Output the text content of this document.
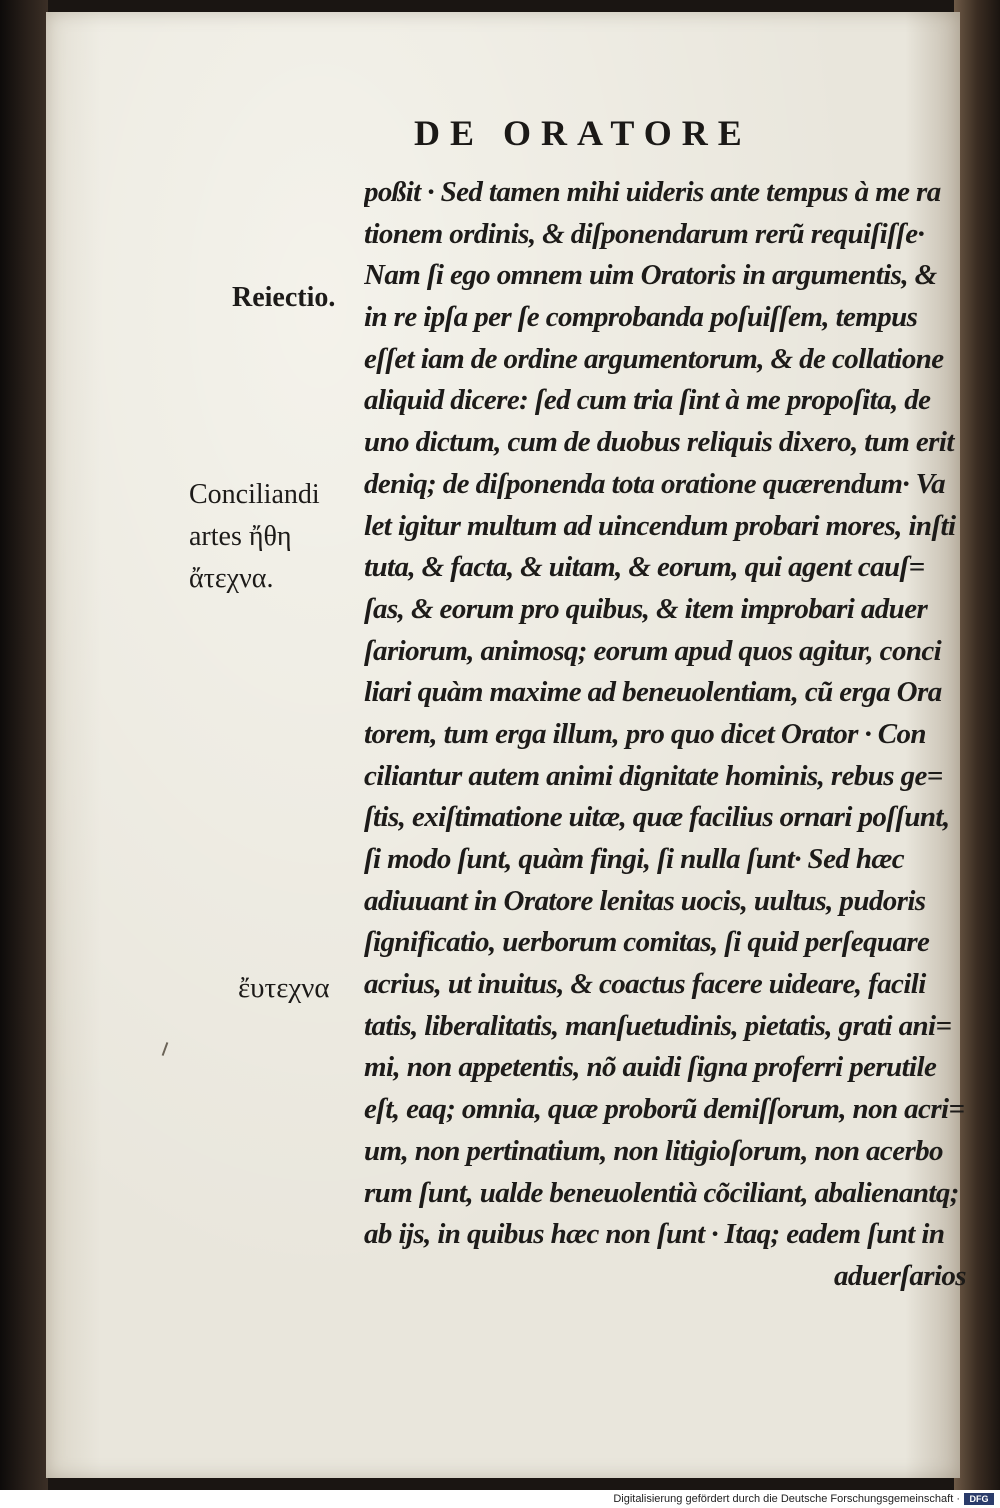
DE ORATORE
Reiectio.
Conciliandi
artes ἤθη
ἄτεχνα.
ἔυτεχνα
poßit · Sed tamen mihi uideris ante tempus à me ra
tionem ordinis, & diſponendarum rerũ requiſiſſe·
Nam ſi ego omnem uim Oratoris in argumentis, &
in re ipſa per ſe comprobanda poſuiſſem, tempus
eſſet iam de ordine argumentorum, & de collatione
aliquid dicere: ſed cum tria ſint à me propoſita, de
uno dictum, cum de duobus reliquis dixero, tum erit
deniq; de diſponenda tota oratione quærendum· Va
let igitur multum ad uincendum probari mores, inſti
tuta, & facta, & uitam, & eorum, qui agent cauſ=
ſas, & eorum pro quibus, & item improbari aduer
ſariorum, animosq; eorum apud quos agitur, conci
liari quàm maxime ad beneuolentiam, cũ erga Ora
torem, tum erga illum, pro quo dicet Orator · Con
ciliantur autem animi dignitate hominis, rebus ge=
ſtis, exiſtimatione uitæ, quæ facilius ornari poſſunt,
ſi modo ſunt, quàm fingi, ſi nulla ſunt· Sed hæc
adiuuant in Oratore lenitas uocis, uultus, pudoris
ſignificatio, uerborum comitas, ſi quid perſequare
acrius, ut inuitus, & coactus facere uideare, facili
tatis, liberalitatis, manſuetudinis, pietatis, grati ani=
mi, non appetentis, nõ auidi ſigna proferri perutile
eſt, eaq; omnia, quæ proborũ demiſſorum, non acri=
um, non pertinatium, non litigioſorum, non acerbo
rum ſunt, ualde beneuolentià cõciliant, abalienantq;
ab ijs, in quibus hæc non ſunt · Itaq; eadem ſunt in
aduerſarios
Digitalisierung gefördert durch die Deutsche Forschungsgemeinschaft ·	DFG
